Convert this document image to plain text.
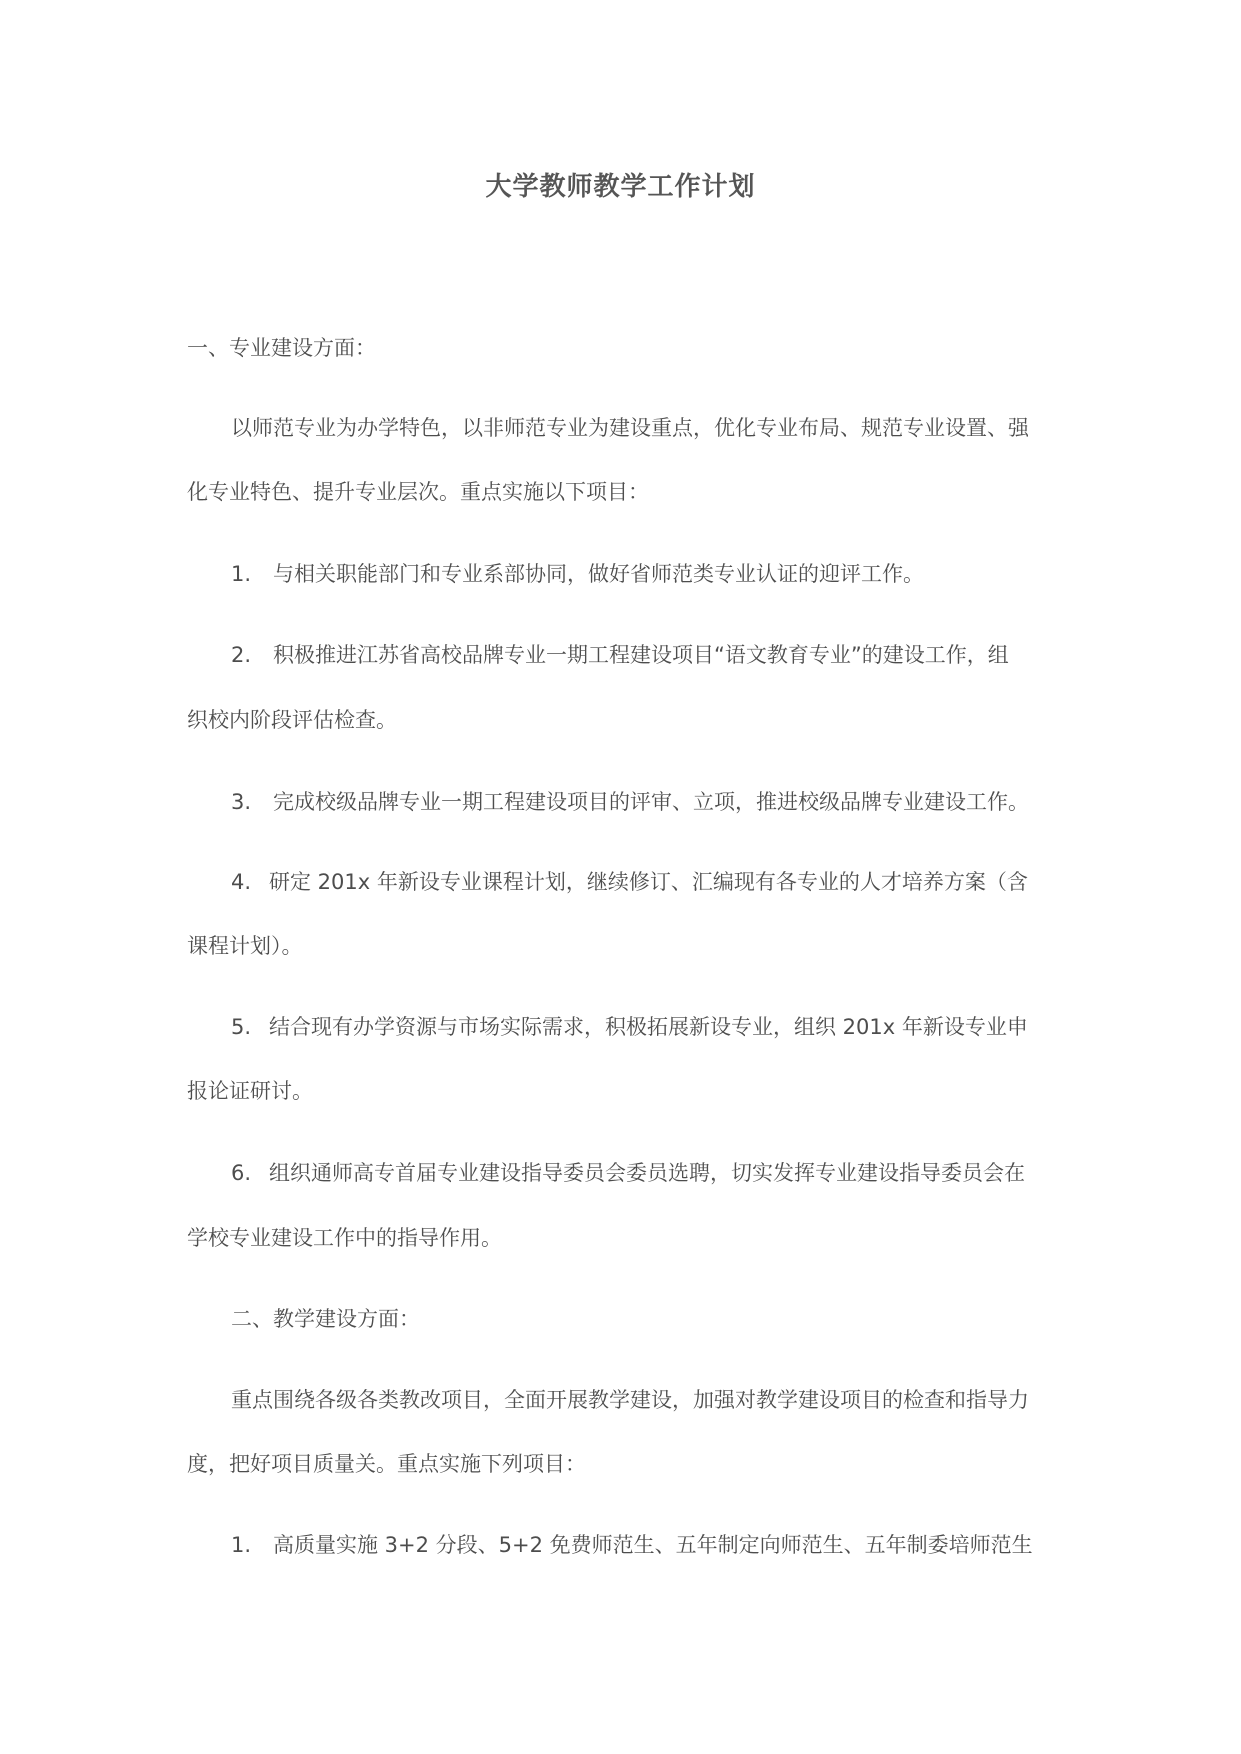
大学教师教学工作计划
一、专业建设方面：
以师范专业为办学特色，以非师范专业为建设重点，优化专业布局、规范专业设置、强
化专业特色、提升专业层次。重点实施以下项目：
1. 与相关职能部门和专业系部协同，做好省师范类专业认证的迎评工作。
2. 积极推进江苏省高校品牌专业一期工程建设项目“语文教育专业”的建设工作，组
织校内阶段评估检查。
3. 完成校级品牌专业一期工程建设项目的评审、立项，推进校级品牌专业建设工作。
4. 研定 201x 年新设专业课程计划，继续修订、汇编现有各专业的人才培养方案（含
课程计划）。
5. 结合现有办学资源与市场实际需求，积极拓展新设专业，组织 201x 年新设专业申
报论证研讨。
6. 组织通师高专首届专业建设指导委员会委员选聘，切实发挥专业建设指导委员会在
学校专业建设工作中的指导作用。
二、教学建设方面：
重点围绕各级各类教改项目，全面开展教学建设，加强对教学建设项目的检查和指导力
度，把好项目质量关。重点实施下列项目：
1. 高质量实施 3+2 分段、5+2 免费师范生、五年制定向师范生、五年制委培师范生
